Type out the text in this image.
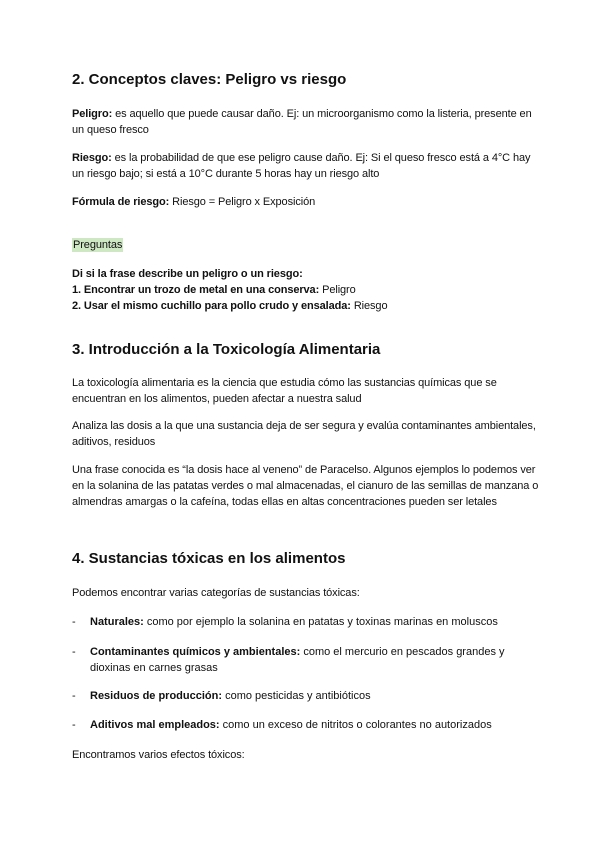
2. Conceptos claves: Peligro vs riesgo

Peligro: es aquello que puede causar daño. Ej: un microorganismo como la listeria, presente en un queso fresco

Riesgo: es la probabilidad de que ese peligro cause daño. Ej: Si el queso fresco está a 4°C hay un riesgo bajo; si está a 10°C durante 5 horas hay un riesgo alto

Fórmula de riesgo: Riesgo = Peligro x Exposición

Preguntas

Di si la frase describe un peligro o un riesgo:
1. Encontrar un trozo de metal en una conserva: Peligro
2. Usar el mismo cuchillo para pollo crudo y ensalada: Riesgo

3. Introducción a la Toxicología Alimentaria

La toxicología alimentaria es la ciencia que estudia cómo las sustancias químicas que se encuentran en los alimentos, pueden afectar a nuestra salud

Analiza las dosis a la que una sustancia deja de ser segura y evalúa contaminantes ambientales, aditivos, residuos

Una frase conocida es “la dosis hace al veneno” de Paracelso. Algunos ejemplos lo podemos ver en la solanina de las patatas verdes o mal almacenadas, el cianuro de las semillas de manzana o almendras amargas o la cafeína, todas ellas en altas concentraciones pueden ser letales

4. Sustancias tóxicas en los alimentos

Podemos encontrar varias categorías de sustancias tóxicas:

- Naturales: como por ejemplo la solanina en patatas y toxinas marinas en moluscos
- Contaminantes químicos y ambientales: como el mercurio en pescados grandes y dioxinas en carnes grasas
- Residuos de producción: como pesticidas y antibióticos
- Aditivos mal empleados: como un exceso de nitritos o colorantes no autorizados

Encontramos varios efectos tóxicos:
